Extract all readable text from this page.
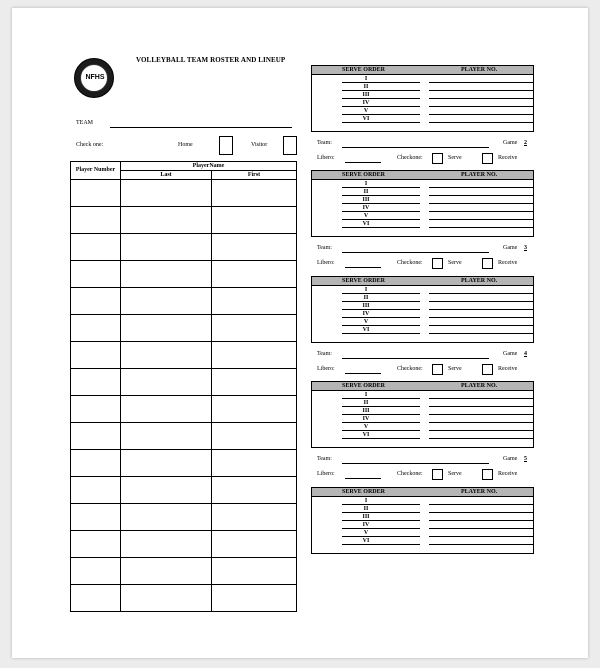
NFHS
VOLLEYBALL TEAM ROSTER AND LINEUP
TEAM
Check one:	Home	Visitor
Player Number	PlayerName	
	Last	First

SERVE ORDER	PLAYER NO.
I
II
III
IV
V
VI
Team:	Game 2
Libero:	Checkone:	Serve	Receive
SERVE ORDER	PLAYER NO.
I
II
III
IV
V
VI
Team:	Game 3
Libero:	Checkone:	Serve	Receive
SERVE ORDER	PLAYER NO.
I
II
III
IV
V
VI
Team:	Game 4
Libero:	Checkone:	Serve	Receive
SERVE ORDER	PLAYER NO.
I
II
III
IV
V
VI
Team:	Game 5
Libero:	Checkone:	Serve	Receive
SERVE ORDER	PLAYER NO.
I
II
III
IV
V
VI
